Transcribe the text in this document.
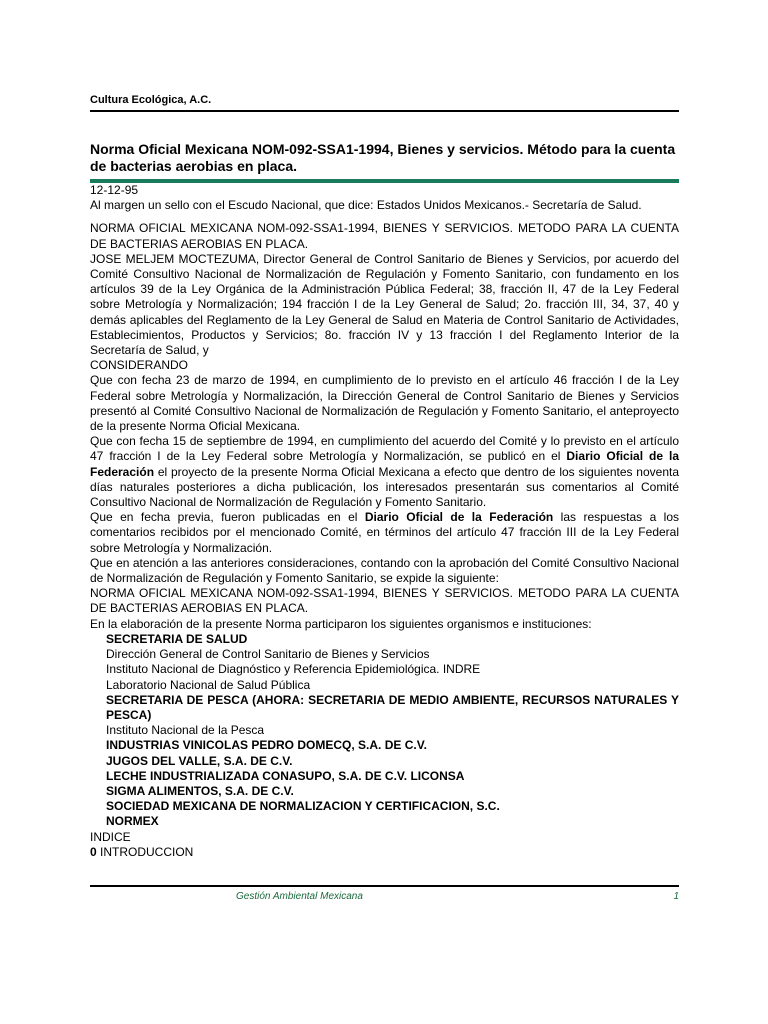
Cultura Ecológica, A.C.
Norma Oficial Mexicana NOM-092-SSA1-1994, Bienes y servicios. Método para la cuenta de bacterias aerobias en placa.

12-12-95

Al margen un sello con el Escudo Nacional, que dice: Estados Unidos Mexicanos.- Secretaría de Salud.

NORMA OFICIAL MEXICANA NOM-092-SSA1-1994, BIENES Y SERVICIOS. METODO PARA LA CUENTA DE BACTERIAS AEROBIAS EN PLACA.

JOSE MELJEM MOCTEZUMA, Director General de Control Sanitario de Bienes y Servicios, por acuerdo del Comité Consultivo Nacional de Normalización de Regulación y Fomento Sanitario, con fundamento en los artículos 39 de la Ley Orgánica de la Administración Pública Federal; 38, fracción II, 47 de la Ley Federal sobre Metrología y Normalización; 194 fracción I de la Ley General de Salud; 2o. fracción III, 34, 37, 40 y demás aplicables del Reglamento de la Ley General de Salud en Materia de Control Sanitario de Actividades, Establecimientos, Productos y Servicios; 8o. fracción IV y 13 fracción I del Reglamento Interior de la Secretaría de Salud, y

CONSIDERANDO

Que con fecha 23 de marzo de 1994, en cumplimiento de lo previsto en el artículo 46 fracción I de la Ley Federal sobre Metrología y Normalización, la Dirección General de Control Sanitario de Bienes y Servicios presentó al Comité Consultivo Nacional de Normalización de Regulación y Fomento Sanitario, el anteproyecto de la presente Norma Oficial Mexicana.

Que con fecha 15 de septiembre de 1994, en cumplimiento del acuerdo del Comité y lo previsto en el artículo 47 fracción I de la Ley Federal sobre Metrología y Normalización, se publicó en el Diario Oficial de la Federación el proyecto de la presente Norma Oficial Mexicana a efecto que dentro de los siguientes noventa días naturales posteriores a dicha publicación, los interesados presentarán sus comentarios al Comité Consultivo Nacional de Normalización de Regulación y Fomento Sanitario.

Que en fecha previa, fueron publicadas en el Diario Oficial de la Federación las respuestas a los comentarios recibidos por el mencionado Comité, en términos del artículo 47 fracción III de la Ley Federal sobre Metrología y Normalización.

Que en atención a las anteriores consideraciones, contando con la aprobación del Comité Consultivo Nacional de Normalización de Regulación y Fomento Sanitario, se expide la siguiente:

NORMA OFICIAL MEXICANA NOM-092-SSA1-1994, BIENES Y SERVICIOS. METODO PARA LA CUENTA DE BACTERIAS AEROBIAS EN PLACA.

En la elaboración de la presente Norma participaron los siguientes organismos e instituciones:

SECRETARIA DE SALUD

Dirección General de Control Sanitario de Bienes y Servicios

Instituto Nacional de Diagnóstico y Referencia Epidemiológica. INDRE

Laboratorio Nacional de Salud Pública

SECRETARIA DE PESCA (AHORA: SECRETARIA DE MEDIO AMBIENTE, RECURSOS NATURALES Y PESCA)

Instituto Nacional de la Pesca

INDUSTRIAS VINICOLAS PEDRO DOMECQ, S.A. DE C.V.

JUGOS DEL VALLE, S.A. DE C.V.

LECHE INDUSTRIALIZADA CONASUPO, S.A. DE C.V. LICONSA

SIGMA ALIMENTOS, S.A. DE C.V.

SOCIEDAD MEXICANA DE NORMALIZACION Y CERTIFICACION, S.C.

NORMEX

INDICE

0 INTRODUCCION

Gestión Ambiental Mexicana	1
